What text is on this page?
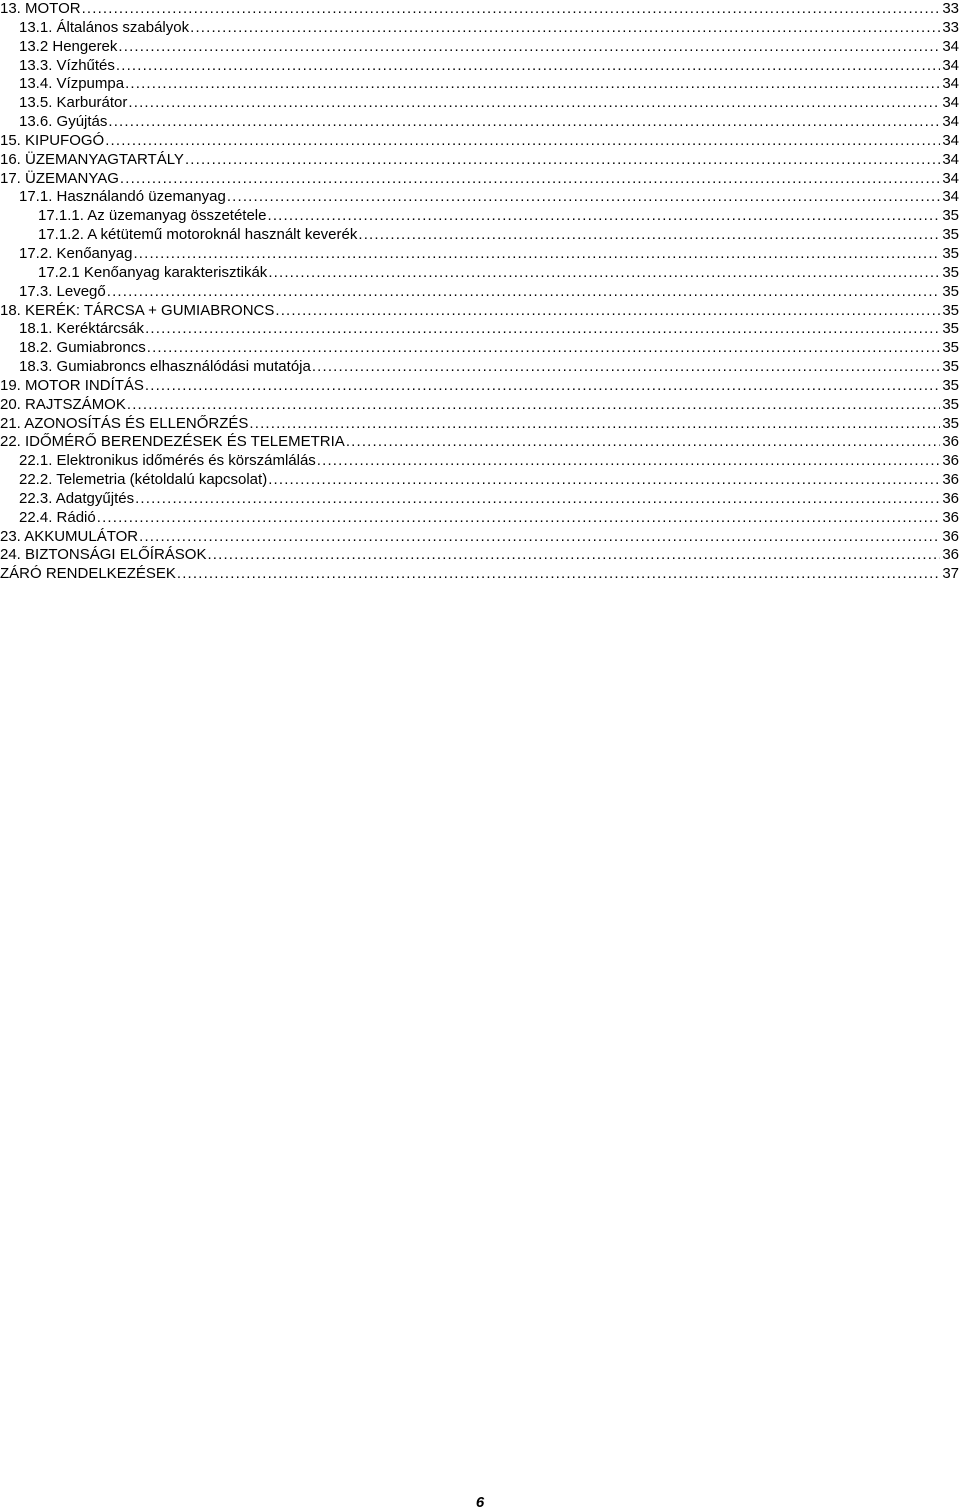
13. MOTOR . . .	33
13.1. Általános szabályok . . .	33
13.2 Hengerek . . .	34
13.3. Vízhűtés . . .	34
13.4. Vízpumpa . . .	34
13.5. Karburátor . . .	34
13.6. Gyújtás . . .	34
15. KIPUFOGÓ . . .	34
16. ÜZEMANYAGTARTÁLY . . .	34
17. ÜZEMANYAG . . .	34
17.1. Használandó üzemanyag . . .	34
17.1.1. Az üzemanyag összetétele . . .	35
17.1.2. A kétütemű motoroknál használt keverék . . .	35
17.2. Kenőanyag . . .	35
17.2.1 Kenőanyag karakterisztikák . . .	35
17.3. Levegő . . .	35
18. KERÉK: TÁRCSA + GUMIABRONCS . . .	35
18.1. Keréktárcsák . . .	35
18.2. Gumiabroncs . . .	35
18.3. Gumiabroncs elhasználódási mutatója . . .	35
19. MOTOR INDÍTÁS . . .	35
20. RAJTSZÁMOK . . .	35
21. AZONOSÍTÁS ÉS ELLENŐRZÉS . . .	35
22. IDŐMÉRŐ BERENDEZÉSEK ÉS TELEMETRIA . . .	36
22.1. Elektronikus időmérés és körszámlálás . . .	36
22.2. Telemetria (kétoldalú kapcsolat) . . .	36
22.3. Adatgyűjtés . . .	36
22.4. Rádió . . .	36
23. AKKUMULÁTOR . . .	36
24. BIZTONSÁGI ELŐÍRÁSOK . . .	36
ZÁRÓ RENDELKEZÉSEK . . .	37
6
